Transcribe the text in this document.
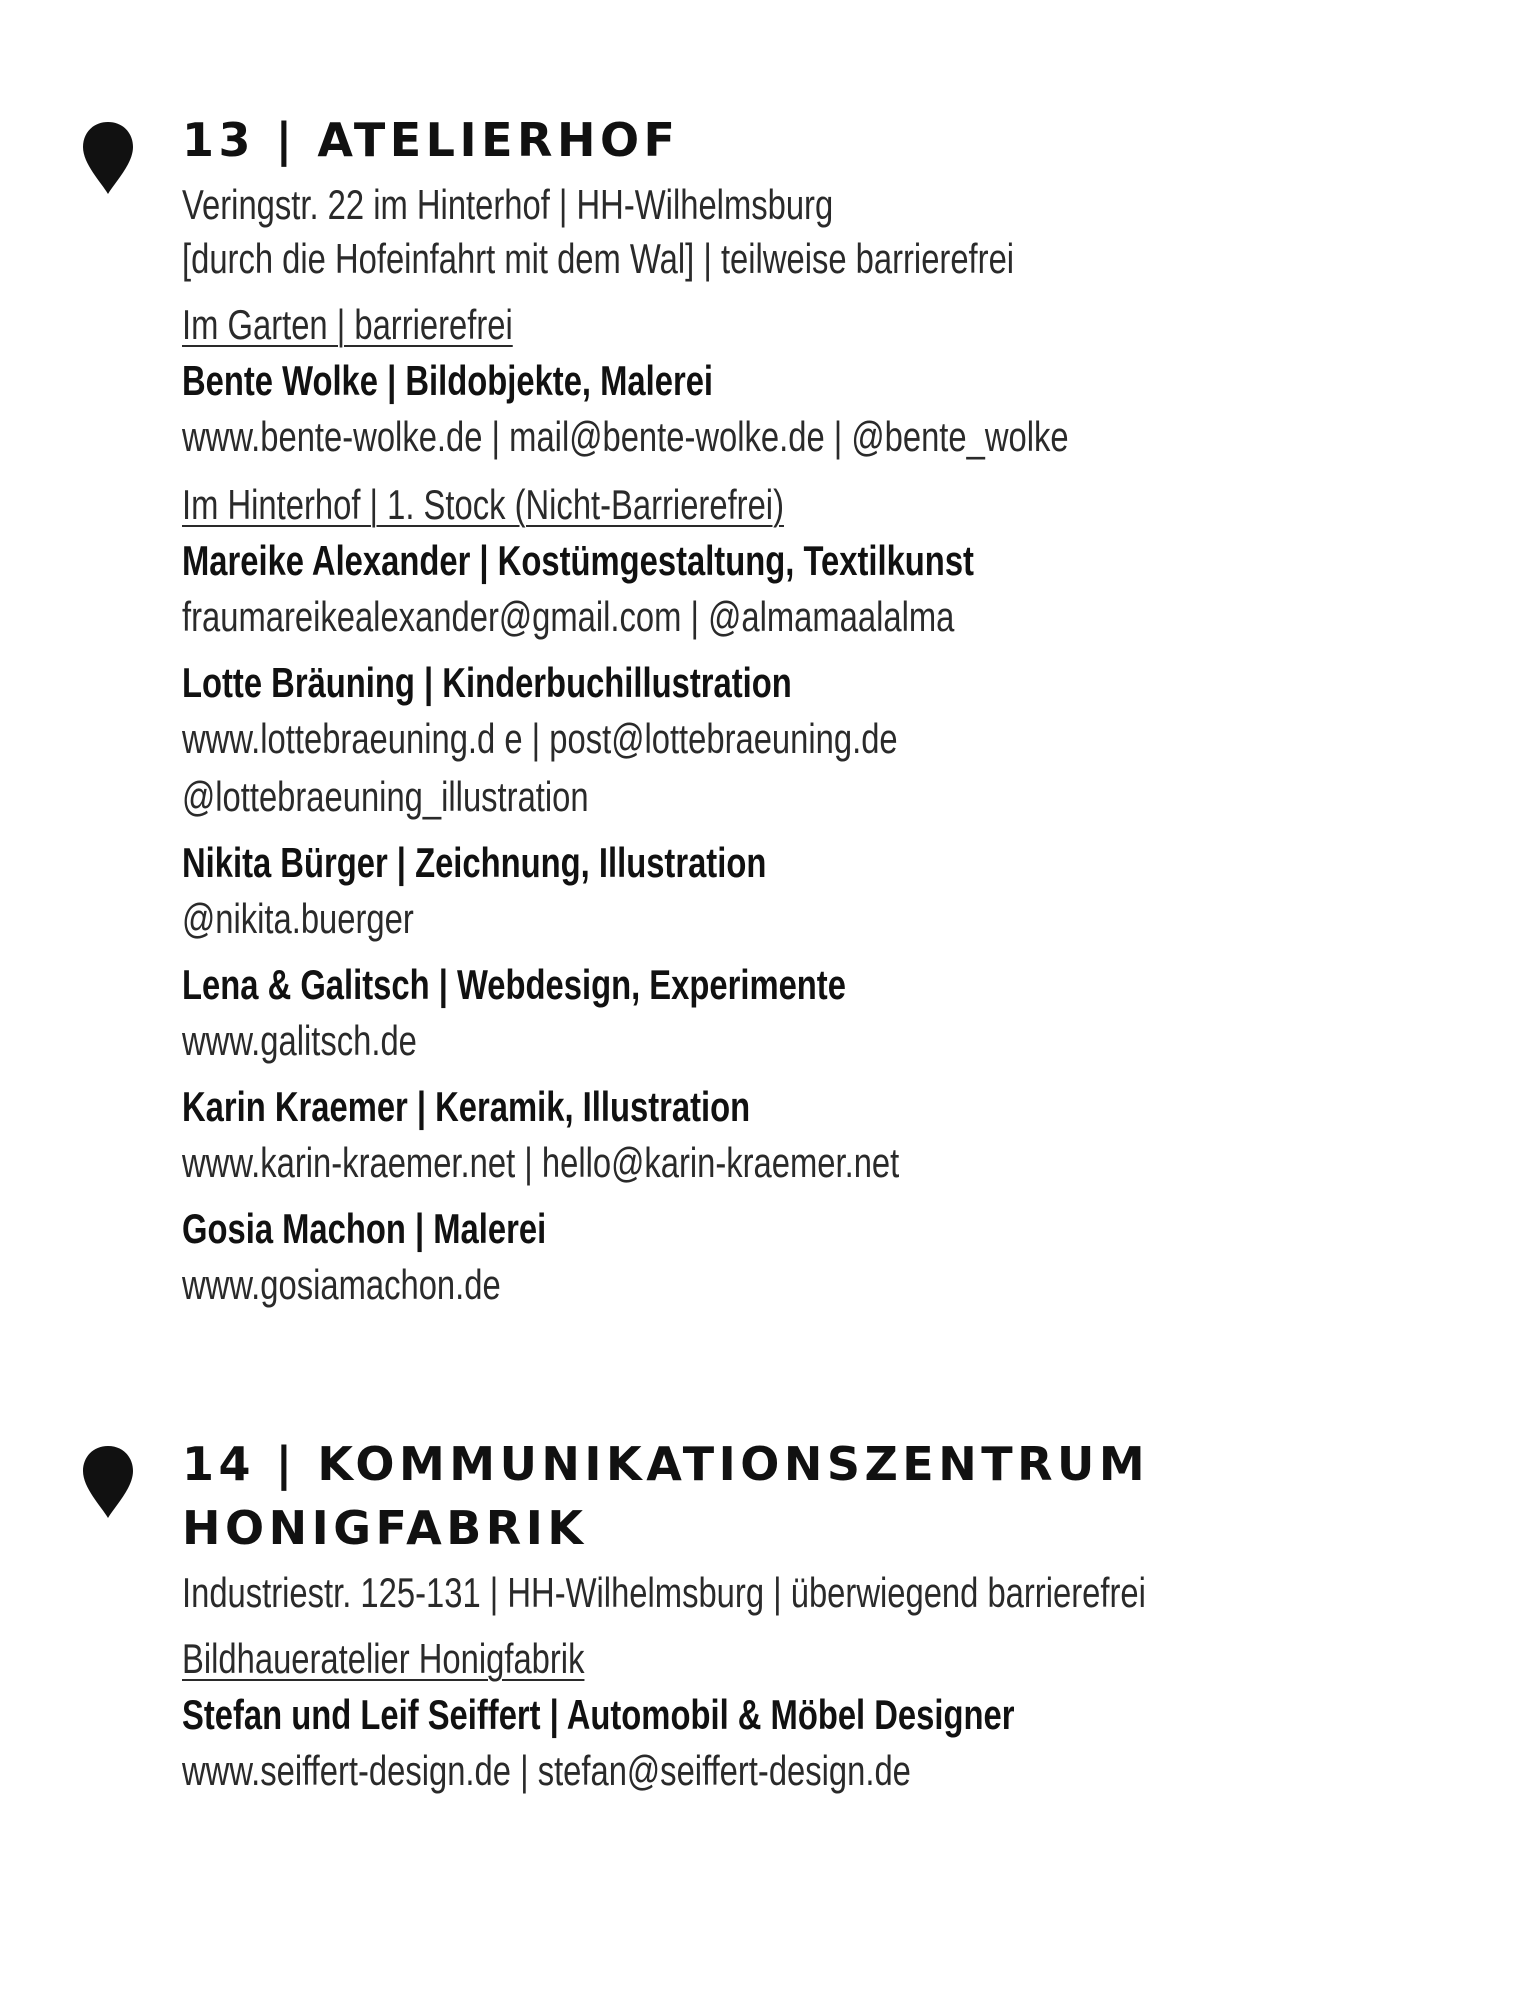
13 | ATELIERHOF
Veringstr. 22 im Hinterhof | HH-Wilhelmsburg
[durch die Hofeinfahrt mit dem Wal] | teilweise barrierefrei
Im Garten | barrierefrei
Bente Wolke | Bildobjekte, Malerei
www.bente-wolke.de | mail@bente-wolke.de | @bente_wolke
Im Hinterhof | 1. Stock (Nicht-Barrierefrei)
Mareike Alexander | Kostümgestaltung, Textilkunst
fraumareikealexander@gmail.com | @almamaalalma
Lotte Bräuning | Kinderbuchillustration
www.lottebraeuning.d e | post@lottebraeuning.de
@lottebraeuning_illustration
Nikita Bürger | Zeichnung, Illustration
@nikita.buerger
Lena & Galitsch | Webdesign, Experimente
www.galitsch.de
Karin Kraemer | Keramik, Illustration
www.karin-kraemer.net | hello@karin-kraemer.net
Gosia Machon | Malerei
www.gosiamachon.de
14 | KOMMUNIKATIONSZENTRUM
HONIGFABRIK
Industriestr. 125-131 | HH-Wilhelmsburg | überwiegend barrierefrei
Bildhaueratelier Honigfabrik
Stefan und Leif Seiffert | Automobil & Möbel Designer
www.seiffert-design.de | stefan@seiffert-design.de
